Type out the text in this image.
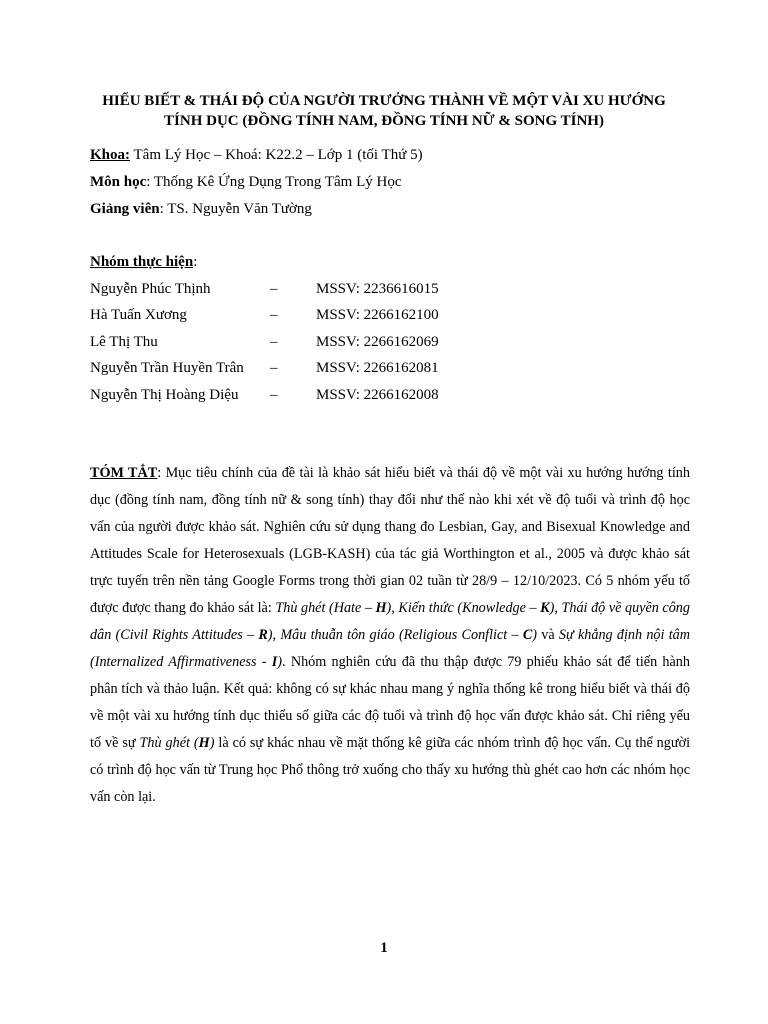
HIỂU BIẾT & THÁI ĐỘ CỦA NGƯỜI TRƯỞNG THÀNH VỀ MỘT VÀI XU HƯỚNG
TÍNH DỤC (ĐỒNG TÍNH NAM, ĐỒNG TÍNH NỮ & SONG TÍNH)
Khoa: Tâm Lý Học – Khoá: K22.2 – Lớp 1 (tối Thứ 5)
Môn học: Thống Kê Ứng Dụng Trong Tâm Lý Học
Giảng viên: TS. Nguyễn Văn Tường
Nhóm thực hiện:
Nguyễn Phúc Thịnh	–	MSSV: 2236616015
Hà Tuấn Xương	–	MSSV: 2266162100
Lê Thị Thu	–	MSSV: 2266162069
Nguyễn Trần Huyền Trân –	MSSV: 2266162081
Nguyễn Thị Hoàng Diệu –	MSSV: 2266162008
TÓM TẮT: Mục tiêu chính của đề tài là khảo sát hiểu biết và thái độ về một vài xu hướng hướng tính dục (đồng tính nam, đồng tính nữ & song tính) thay đổi như thế nào khi xét về độ tuổi và trình độ học vấn của người được khảo sát. Nghiên cứu sử dụng thang đo Lesbian, Gay, and Bisexual Knowledge and Attitudes Scale for Heterosexuals (LGB-KASH) của tác giả Worthington et al., 2005 và được khảo sát trực tuyến trên nền tảng Google Forms trong thời gian 02 tuần từ 28/9 – 12/10/2023. Có 5 nhóm yếu tố được được thang đo khảo sát là: Thù ghét (Hate – H), Kiến thức (Knowledge – K), Thái độ về quyền công dân (Civil Rights Attitudes – R), Mâu thuẫn tôn giáo (Religious Conflict – C) và Sự khẳng định nội tâm (Internalized Affirmativeness - I). Nhóm nghiên cứu đã thu thập được 79 phiếu khảo sát để tiến hành phân tích và thảo luận. Kết quả: không có sự khác nhau mang ý nghĩa thống kê trong hiểu biết và thái độ về một vài xu hướng tính dục thiểu số giữa các độ tuổi và trình độ học vấn được khảo sát. Chỉ riêng yếu tố về sự Thù ghét (H) là có sự khác nhau về mặt thống kê giữa các nhóm trình độ học vấn. Cụ thể người có trình độ học vấn từ Trung học Phổ thông trở xuống cho thấy xu hướng thù ghét cao hơn các nhóm học vấn còn lại.
1
